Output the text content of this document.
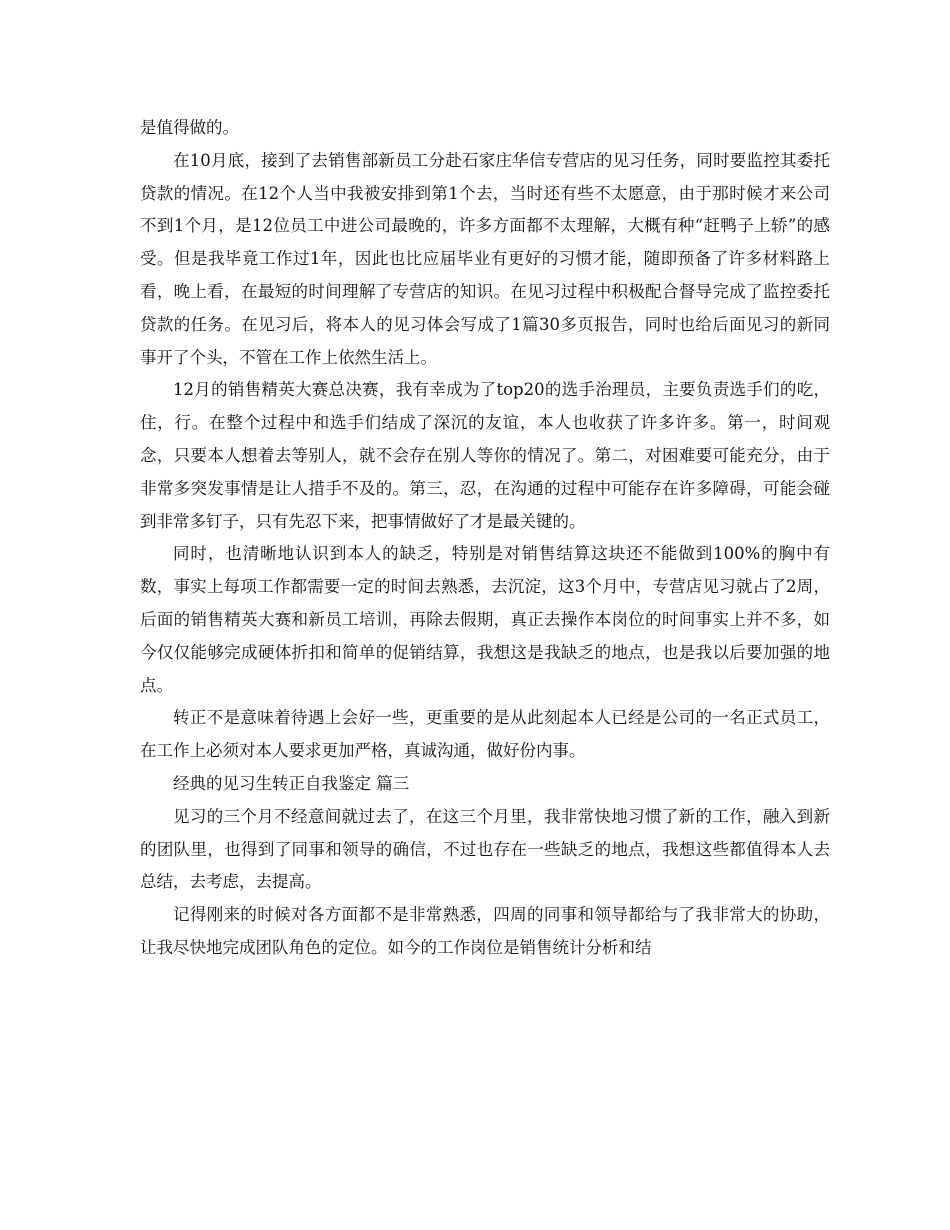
是值得做的。

在10月底，接到了去销售部新员工分赴石家庄华信专营店的见习任务，同时要监控其委托贷款的情况。在12个人当中我被安排到第1个去，当时还有些不太愿意，由于那时候才来公司不到1个月，是12位员工中进公司最晚的，许多方面都不太理解，大概有种“赶鸭子上轿”的感受。但是我毕竟工作过1年，因此也比应届毕业有更好的习惯才能，随即预备了许多材料路上看，晚上看，在最短的时间理解了专营店的知识。在见习过程中积极配合督导完成了监控委托贷款的任务。在见习后，将本人的见习体会写成了1篇30多页报告，同时也给后面见习的新同事开了个头，不管在工作上依然生活上。

12月的销售精英大赛总决赛，我有幸成为了top20的选手治理员，主要负责选手们的吃，住，行。在整个过程中和选手们结成了深沉的友谊，本人也收获了许多许多。第一，时间观念，只要本人想着去等别人，就不会存在别人等你的情况了。第二，对困难要可能充分，由于非常多突发事情是让人措手不及的。第三，忍，在沟通的过程中可能存在许多障碍，可能会碰到非常多钉子，只有先忍下来，把事情做好了才是最关键的。

同时，也清晰地认识到本人的缺乏，特别是对销售结算这块还不能做到100%的胸中有数，事实上每项工作都需要一定的时间去熟悉，去沉淀，这3个月中，专营店见习就占了2周，后面的销售精英大赛和新员工培训，再除去假期，真正去操作本岗位的时间事实上并不多，如今仅仅能够完成硬体折扣和简单的促销结算，我想这是我缺乏的地点，也是我以后要加强的地点。

转正不是意味着待遇上会好一些，更重要的是从此刻起本人已经是公司的一名正式员工，在工作上必须对本人要求更加严格，真诚沟通，做好份内事。

经典的见习生转正自我鉴定 篇三

见习的三个月不经意间就过去了，在这三个月里，我非常快地习惯了新的工作，融入到新的团队里，也得到了同事和领导的确信，不过也存在一些缺乏的地点，我想这些都值得本人去总结，去考虑，去提高。

记得刚来的时候对各方面都不是非常熟悉，四周的同事和领导都给与了我非常大的协助，让我尽快地完成团队角色的定位。如今的工作岗位是销售统计分析和结
